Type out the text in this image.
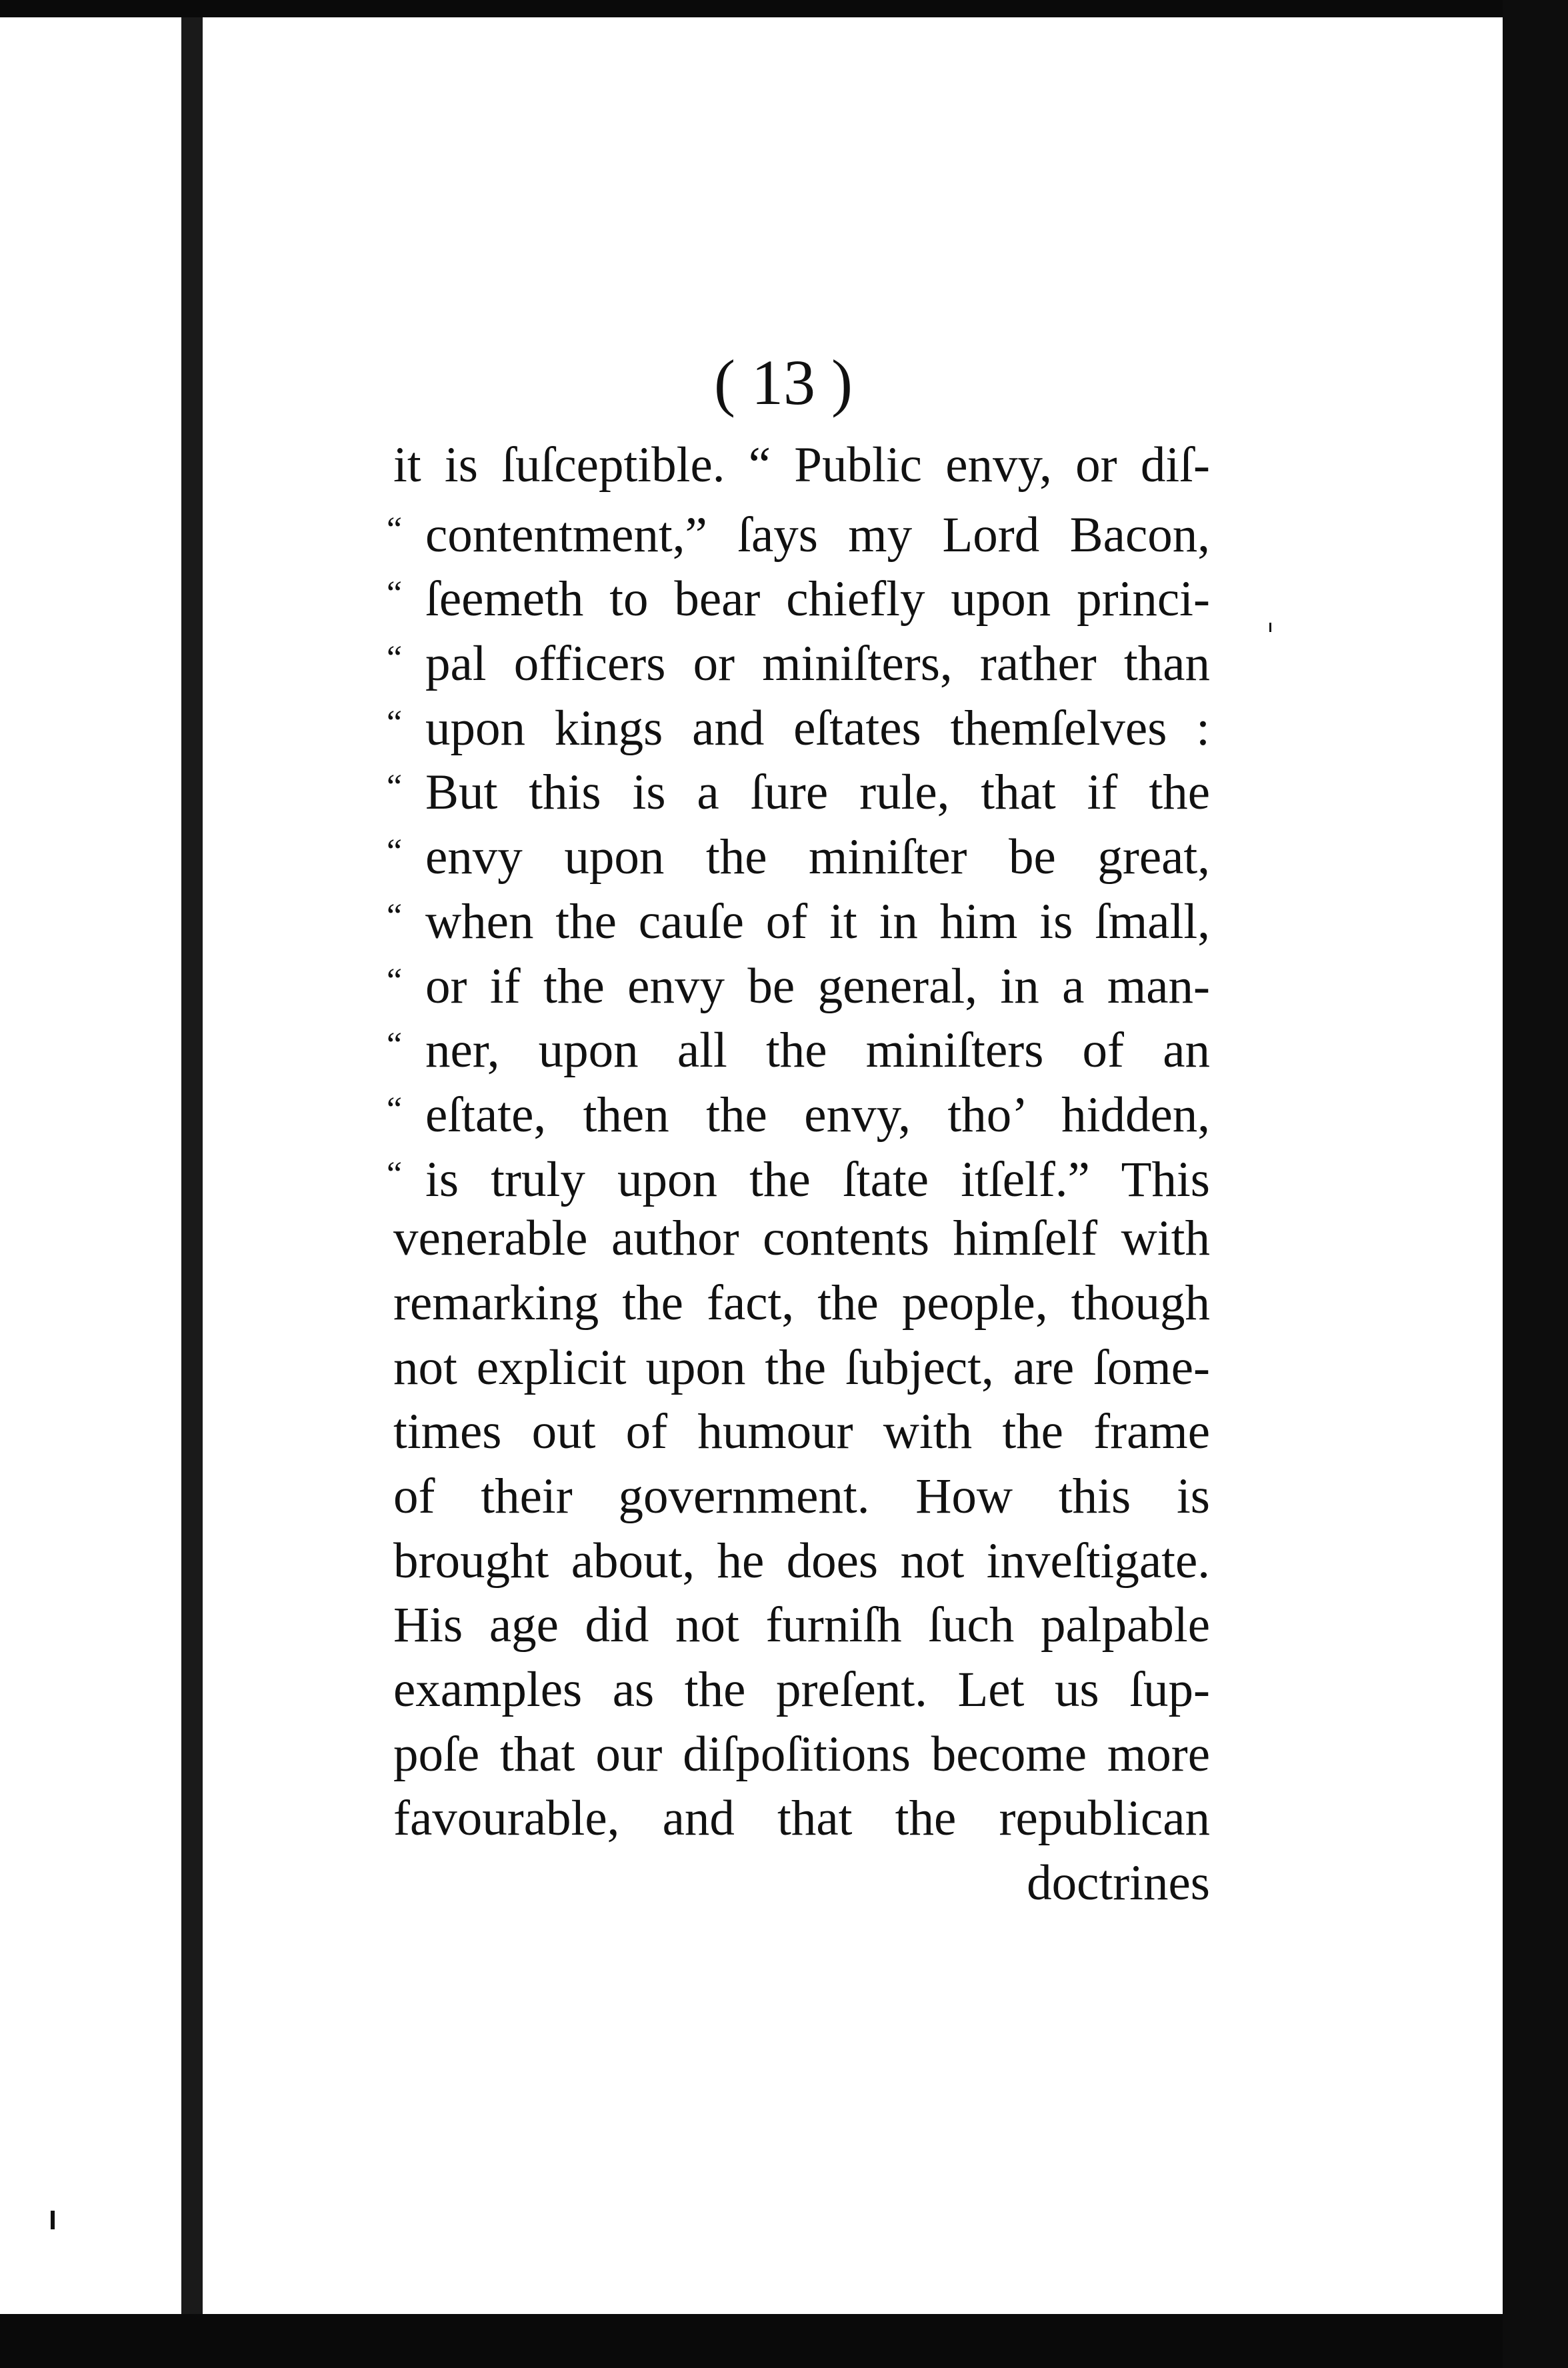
( 13 )
it is ſuſceptible. “ Public envy, or diſ-
“ contentment,” ſays my Lord Bacon,
“ ſeemeth to bear chiefly upon princi-
“ pal officers or miniſters, rather than
“ upon kings and eſtates themſelves :
“ But this is a ſure rule, that if the
“ envy upon the miniſter be great,
“ when the cauſe of it in him is ſmall,
“ or if the envy be general, in a man-
“ ner, upon all the miniſters of an
“ eſtate, then the envy, tho’ hidden,
“ is truly upon the ſtate itſelf.” This
venerable author contents himſelf with
remarking the fact, the people, though
not explicit upon the ſubject, are ſome-
times out of humour with the frame
of their government. How this is
brought about, he does not inveſtigate.
His age did not furniſh ſuch palpable
examples as the preſent. Let us ſup-
poſe that our diſpoſitions become more
favourable, and that the republican
doctrines
